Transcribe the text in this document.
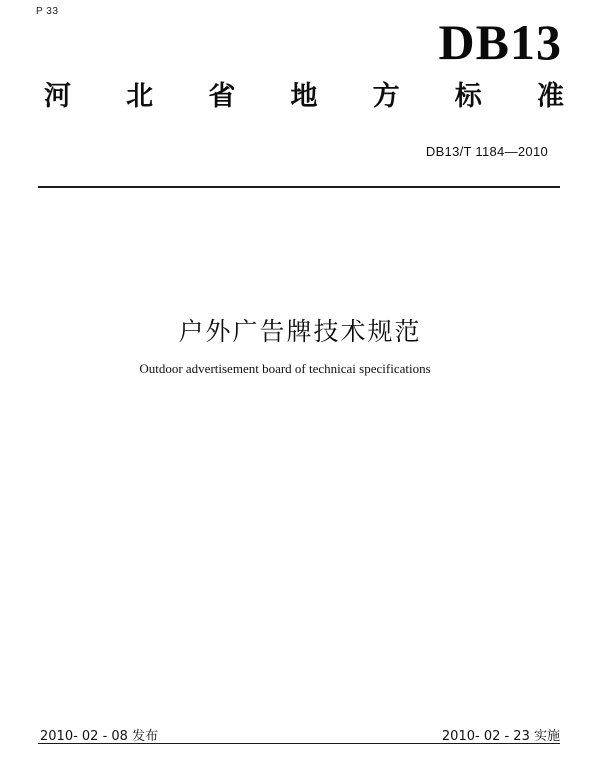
P 33
DB13
河 北 省 地 方 标 准
DB13/T 1184—2010
户外广告牌技术规范
Outdoor advertisement board of technicai specifications
2010- 02 - 08 发布	2010- 02 - 23 实施
